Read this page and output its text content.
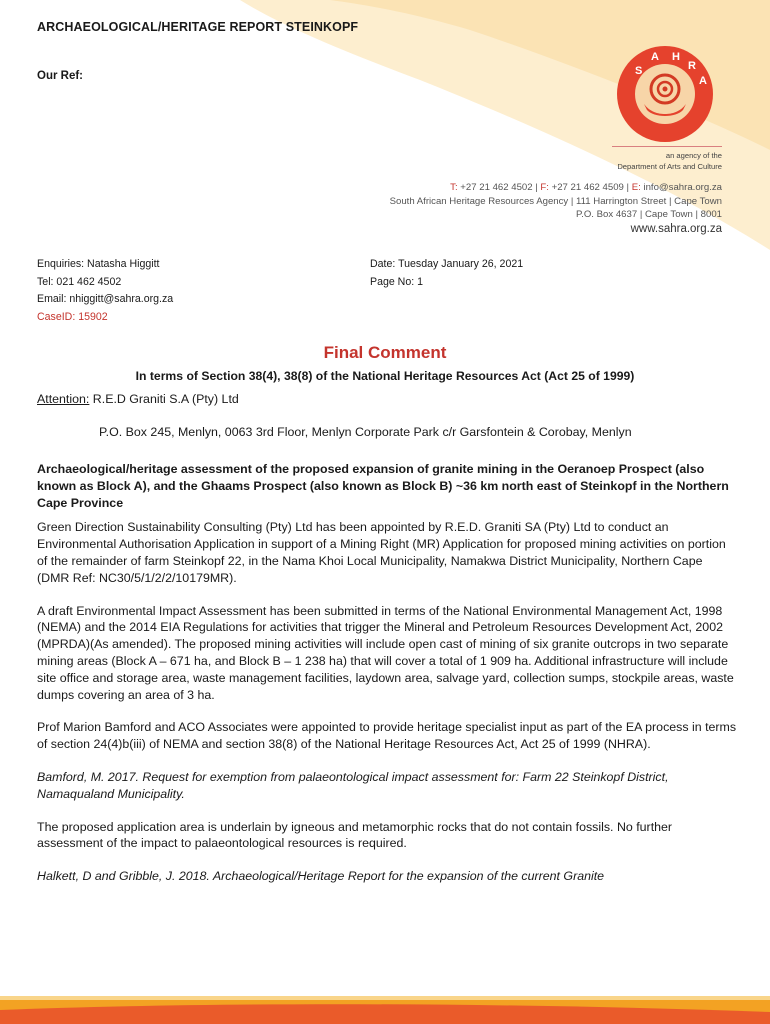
ARCHAEOLOGICAL/HERITAGE REPORT STEINKOPF
Our Ref:	S
A H
R
A
an agency of the
Department of Arts and Culture
T: +27 21 462 4502 | F: +27 21 462 4509 | E: info@sahra.org.za
South African Heritage Resources Agency | 111 Harrington Street | Cape Town
P.O. Box 4637 | Cape Town | 8001
www.sahra.org.za
Enquiries: Natasha Higgitt
Tel: 021 462 4502
Email: nhiggitt@sahra.org.za
CaseID: 15902
Date: Tuesday January 26, 2021
Page No: 1
Final Comment
In terms of Section 38(4), 38(8) of the National Heritage Resources Act (Act 25 of 1999)
Attention: R.E.D Graniti S.A (Pty) Ltd
P.O. Box 245, Menlyn, 0063 3rd Floor, Menlyn Corporate Park c/r Garsfontein & Corobay, Menlyn

Archaeological/heritage assessment of the proposed expansion of granite mining in the Oeranoep Prospect (also known as Block A), and the Ghaams Prospect (also known as Block B) ~36 km north east of Steinkopf in the Northern Cape Province

Green Direction Sustainability Consulting (Pty) Ltd has been appointed by R.E.D. Graniti SA (Pty) Ltd to conduct an Environmental Authorisation Application in support of a Mining Right (MR) Application for proposed mining activities on portion of the remainder of farm Steinkopf 22, in the Nama Khoi Local Municipality, Namakwa District Municipality, Northern Cape (DMR Ref: NC30/5/1/2/2/10179MR).

A draft Environmental Impact Assessment has been submitted in terms of the National Environmental Management Act, 1998 (NEMA) and the 2014 EIA Regulations for activities that trigger the Mineral and Petroleum Resources Development Act, 2002 (MPRDA)(As amended). The proposed mining activities will include open cast of mining of six granite outcrops in two separate mining areas (Block A – 671 ha, and Block B – 1 238 ha) that will cover a total of 1 909 ha. Additional infrastructure will include site office and storage area, waste management facilities, laydown area, salvage yard, collection sumps, stockpile areas, waste dumps covering an area of 3 ha.

Prof Marion Bamford and ACO Associates were appointed to provide heritage specialist input as part of the EA process in terms of section 24(4)b(iii) of NEMA and section 38(8) of the National Heritage Resources Act, Act 25 of 1999 (NHRA).

Bamford, M. 2017. Request for exemption from palaeontological impact assessment for: Farm 22 Steinkopf District, Namaqualand Municipality.

The proposed application area is underlain by igneous and metamorphic rocks that do not contain fossils. No further assessment of the impact to palaeontological resources is required.

Halkett, D and Gribble, J. 2018. Archaeological/Heritage Report for the expansion of the current Granite
